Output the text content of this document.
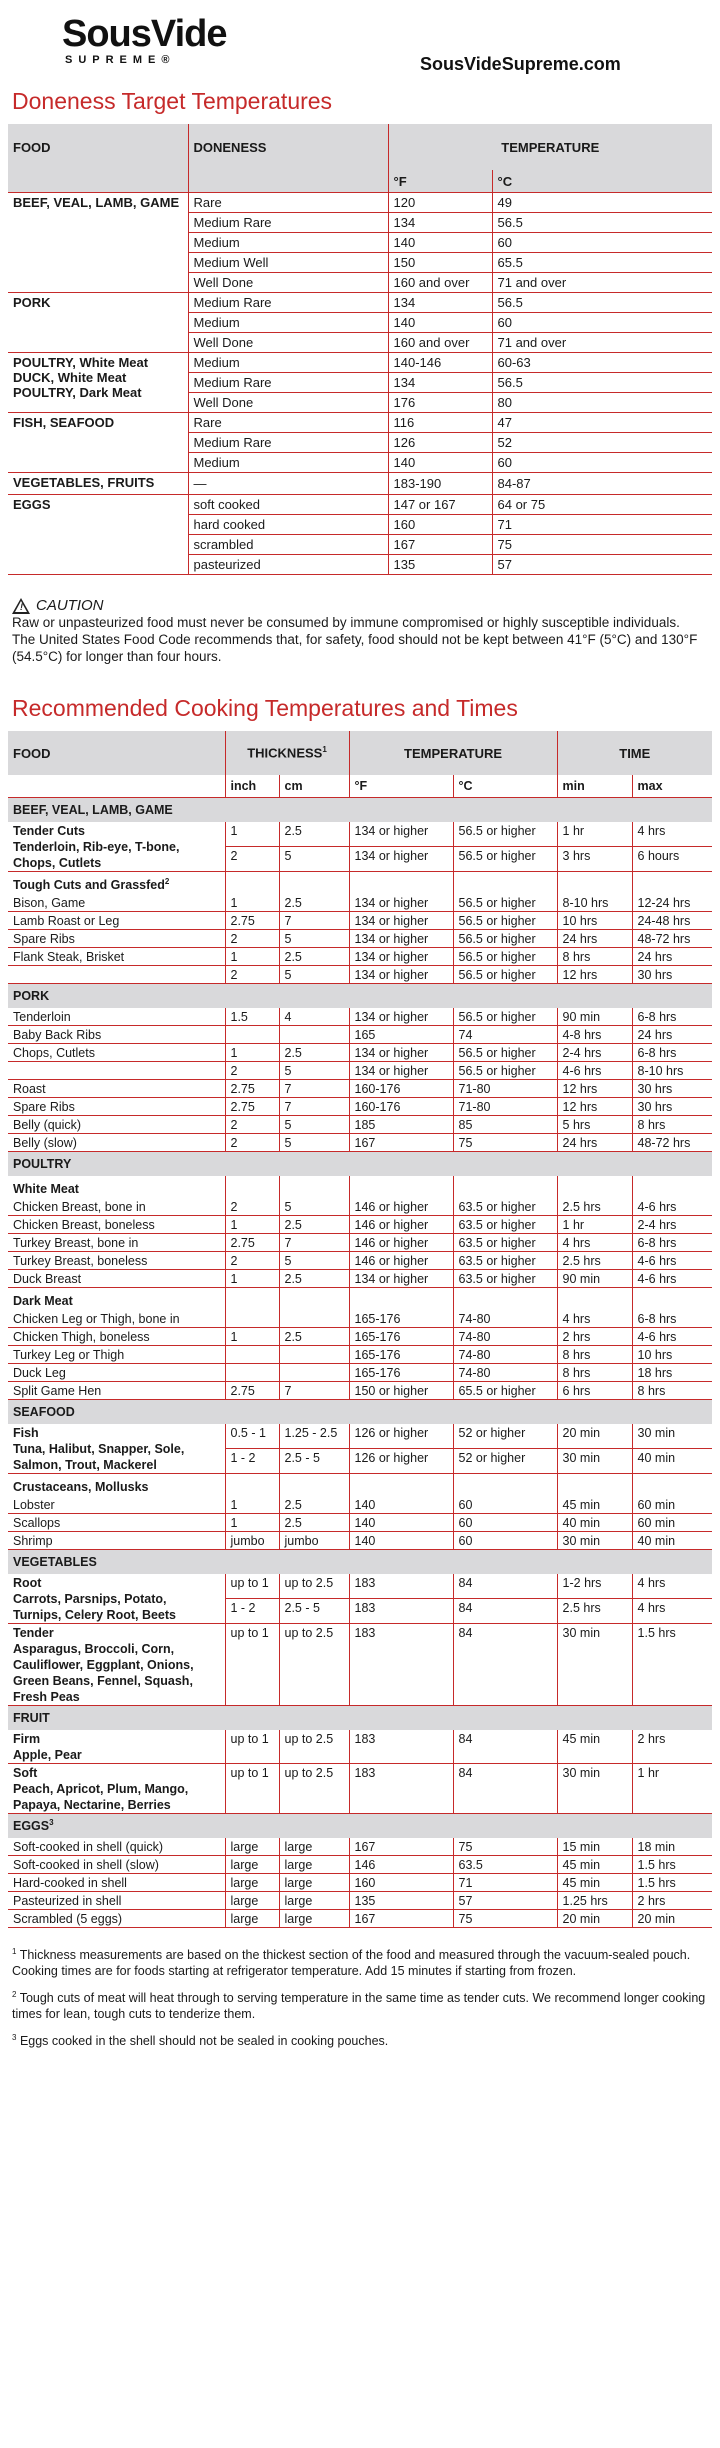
SousVide
SUPREME®	SousVideSupreme.com
Doneness Target Temperatures
FOOD	DONENESS	TEMPERATURE	
		°F	°C

BEEF, VEAL, LAMB, GAME	Rare	120	49
	Medium Rare	134	56.5
	Medium	140	60
	Medium Well	150	65.5
	Well Done	160 and over	71 and over

PORK	Medium Rare	134	56.5
	Medium	140	60
	Well Done	160 and over	71 and over

POULTRY, White Meat
DUCK, White Meat
POULTRY, Dark Meat	Medium	140-146	60-63
	Medium Rare	134	56.5
	Well Done	176	80

FISH, SEAFOOD	Rare	116	47
	Medium Rare	126	52
	Medium	140	60

VEGETABLES, FRUITS	—	183-190	84-87

EGGS	soft cooked	147 or 167	64 or 75
	hard cooked	160	71
	scrambled	167	75
	pasteurized	135	57
! CAUTION
Raw or unpasteurized food must never be consumed by immune compromised or highly susceptible individuals.
The United States Food Code recommends that, for safety, food should not be kept between 41°F (5°C) and 130°F (54.5°C) for longer than four hours.
Recommended Cooking Temperatures and Times
FOOD	THICKNESS$^1$		TEMPERATURE		TIME	
	inch	cm	°F	°C	min	max
BEEF, VEAL, LAMB, GAME						
Tender Cuts
Tenderloin, Rib-eye, T-bone,
Chops, Cutlets	1	2.5	134 or higher	56.5 or higher	1 hr	4 hrs
	2	5	134 or higher	56.5 or higher	3 hrs	6 hours
Tough Cuts and Grassfed$^2$						
Bison, Game	1	2.5	134 or higher	56.5 or higher	8-10 hrs	12-24 hrs
Lamb Roast or Leg	2.75	7	134 or higher	56.5 or higher	10 hrs	24-48 hrs
Spare Ribs	2	5	134 or higher	56.5 or higher	24 hrs	48-72 hrs
Flank Steak, Brisket	1	2.5	134 or higher	56.5 or higher	8 hrs	24 hrs
	2	5	134 or higher	56.5 or higher	12 hrs	30 hrs
PORK						
Tenderloin	1.5	4	134 or higher	56.5 or higher	90 min	6-8 hrs
Baby Back Ribs			165	74	4-8 hrs	24 hrs
Chops, Cutlets	1	2.5	134 or higher	56.5 or higher	2-4 hrs	6-8 hrs
	2	5	134 or higher	56.5 or higher	4-6 hrs	8-10 hrs
Roast	2.75	7	160-176	71-80	12 hrs	30 hrs
Spare Ribs	2.75	7	160-176	71-80	12 hrs	30 hrs
Belly (quick)	2	5	185	85	5 hrs	8 hrs
Belly (slow)	2	5	167	75	24 hrs	48-72 hrs
POULTRY						
White Meat						
Chicken Breast, bone in	2	5	146 or higher	63.5 or higher	2.5 hrs	4-6 hrs
Chicken Breast, boneless	1	2.5	146 or higher	63.5 or higher	1 hr	2-4 hrs
Turkey Breast, bone in	2.75	7	146 or higher	63.5 or higher	4 hrs	6-8 hrs
Turkey Breast, boneless	2	5	146 or higher	63.5 or higher	2.5 hrs	4-6 hrs
Duck Breast	1	2.5	134 or higher	63.5 or higher	90 min	4-6 hrs
Dark Meat						
Chicken Leg or Thigh, bone in			165-176	74-80	4 hrs	6-8 hrs
Chicken Thigh, boneless	1	2.5	165-176	74-80	2 hrs	4-6 hrs
Turkey Leg or Thigh			165-176	74-80	8 hrs	10 hrs
Duck Leg			165-176	74-80	8 hrs	18 hrs
Split Game Hen	2.75	7	150 or higher	65.5 or higher	6 hrs	8 hrs
SEAFOOD						
Fish
Tuna, Halibut, Snapper, Sole,
Salmon, Trout, Mackerel	0.5 - 1	1.25 - 2.5	126 or higher	52 or higher	20 min	30 min
	1 - 2	2.5 - 5	126 or higher	52 or higher	30 min	40 min
Crustaceans, Mollusks						
Lobster	1	2.5	140	60	45 min	60 min
Scallops	1	2.5	140	60	40 min	60 min
Shrimp	jumbo	jumbo	140	60	30 min	40 min
VEGETABLES						
Root
Carrots, Parsnips, Potato,
Turnips, Celery Root, Beets	up to 1	up to 2.5	183	84	1-2 hrs	4 hrs
	1 - 2	2.5 - 5	183	84	2.5 hrs	4 hrs
Tender
Asparagus, Broccoli, Corn,
Cauliflower, Eggplant, Onions,
Green Beans, Fennel, Squash,
Fresh Peas	up to 1	up to 2.5	183	84	30 min	1.5 hrs
FRUIT						
Firm
Apple, Pear	up to 1	up to 2.5	183	84	45 min	2 hrs
Soft
Peach, Apricot, Plum, Mango,
Papaya, Nectarine, Berries	up to 1	up to 2.5	183	84	30 min	1 hr
EGGS$^3$
Soft-cooked in shell (quick)	large	large	167	75	15 min	18 min
Soft-cooked in shell (slow)	large	large	146	63.5	45 min	1.5 hrs
Hard-cooked in shell	large	large	160	71	45 min	1.5 hrs
Pasteurized in shell	large	large	135	57	1.25 hrs	2 hrs
Scrambled (5 eggs)	large	large	167	75	20 min	20 min

$^1$ Thickness measurements are based on the thickest section of the food and measured through the vacuum-sealed pouch. Cooking times are for foods starting at refrigerator temperature. Add 15 minutes if starting from frozen.

$^2$ Tough cuts of meat will heat through to serving temperature in the same time as tender cuts. We recommend longer cooking times for lean, tough cuts to tenderize them.

$^3$ Eggs cooked in the shell should not be sealed in cooking pouches.
